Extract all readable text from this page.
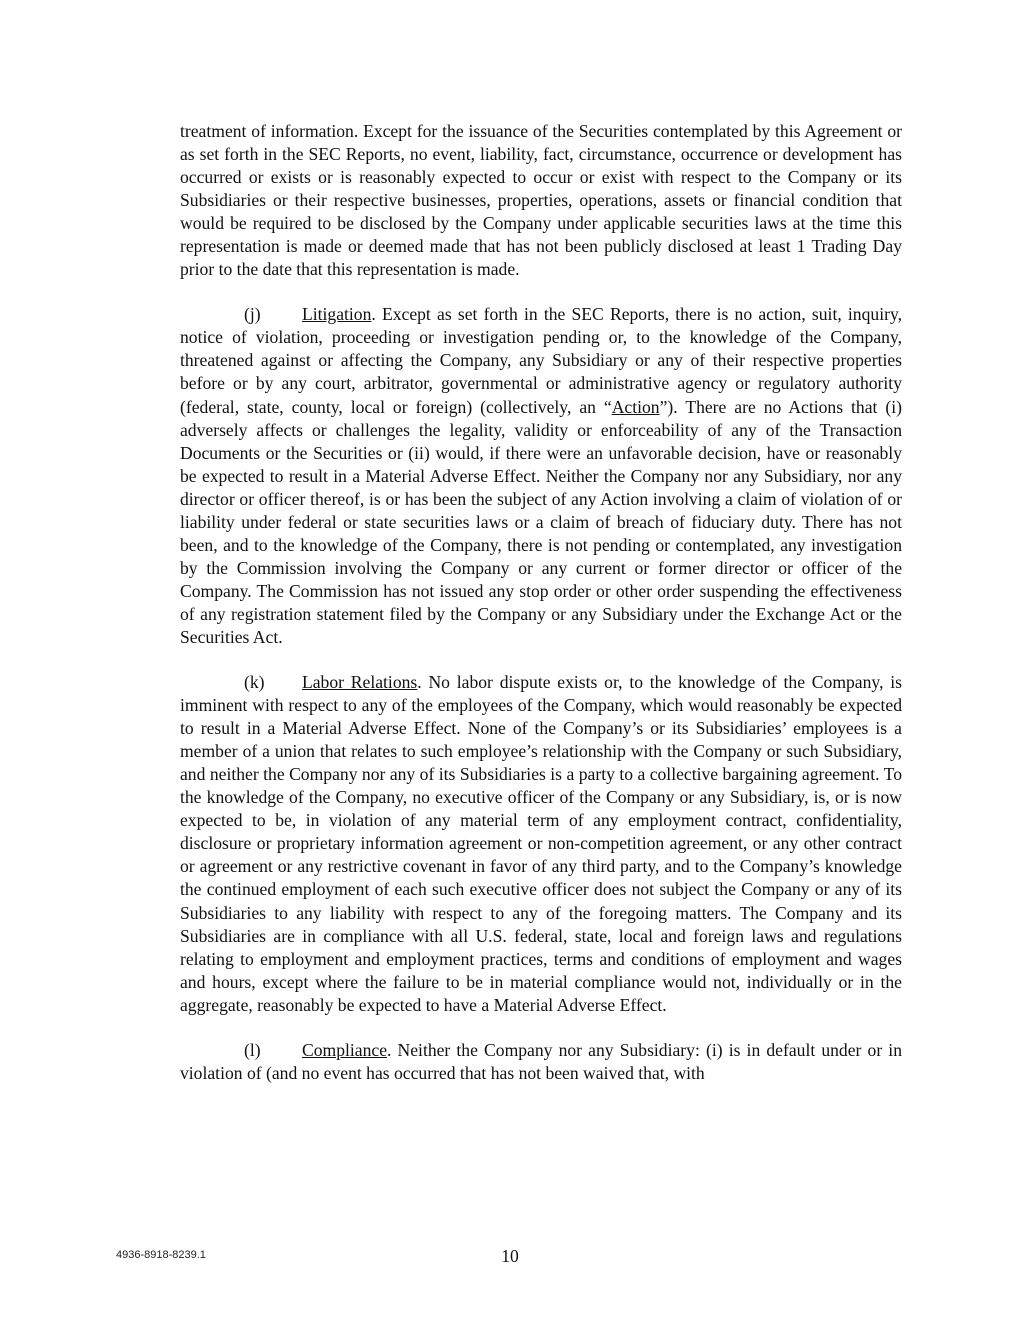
treatment of information. Except for the issuance of the Securities contemplated by this Agreement or as set forth in the SEC Reports, no event, liability, fact, circumstance, occurrence or development has occurred or exists or is reasonably expected to occur or exist with respect to the Company or its Subsidiaries or their respective businesses, properties, operations, assets or financial condition that would be required to be disclosed by the Company under applicable securities laws at the time this representation is made or deemed made that has not been publicly disclosed at least 1 Trading Day prior to the date that this representation is made.

(j) Litigation. Except as set forth in the SEC Reports, there is no action, suit, inquiry, notice of violation, proceeding or investigation pending or, to the knowledge of the Company, threatened against or affecting the Company, any Subsidiary or any of their respective properties before or by any court, arbitrator, governmental or administrative agency or regulatory authority (federal, state, county, local or foreign) (collectively, an “Action”). There are no Actions that (i) adversely affects or challenges the legality, validity or enforceability of any of the Transaction Documents or the Securities or (ii) would, if there were an unfavorable decision, have or reasonably be expected to result in a Material Adverse Effect. Neither the Company nor any Subsidiary, nor any director or officer thereof, is or has been the subject of any Action involving a claim of violation of or liability under federal or state securities laws or a claim of breach of fiduciary duty. There has not been, and to the knowledge of the Company, there is not pending or contemplated, any investigation by the Commission involving the Company or any current or former director or officer of the Company. The Commission has not issued any stop order or other order suspending the effectiveness of any registration statement filed by the Company or any Subsidiary under the Exchange Act or the Securities Act.

(k) Labor Relations. No labor dispute exists or, to the knowledge of the Company, is imminent with respect to any of the employees of the Company, which would reasonably be expected to result in a Material Adverse Effect. None of the Company’s or its Subsidiaries’ employees is a member of a union that relates to such employee’s relationship with the Company or such Subsidiary, and neither the Company nor any of its Subsidiaries is a party to a collective bargaining agreement. To the knowledge of the Company, no executive officer of the Company or any Subsidiary, is, or is now expected to be, in violation of any material term of any employment contract, confidentiality, disclosure or proprietary information agreement or non-competition agreement, or any other contract or agreement or any restrictive covenant in favor of any third party, and to the Company’s knowledge the continued employment of each such executive officer does not subject the Company or any of its Subsidiaries to any liability with respect to any of the foregoing matters. The Company and its Subsidiaries are in compliance with all U.S. federal, state, local and foreign laws and regulations relating to employment and employment practices, terms and conditions of employment and wages and hours, except where the failure to be in material compliance would not, individually or in the aggregate, reasonably be expected to have a Material Adverse Effect.

(l) Compliance. Neither the Company nor any Subsidiary: (i) is in default under or in violation of (and no event has occurred that has not been waived that, with

4936-8918-8239.1	10
